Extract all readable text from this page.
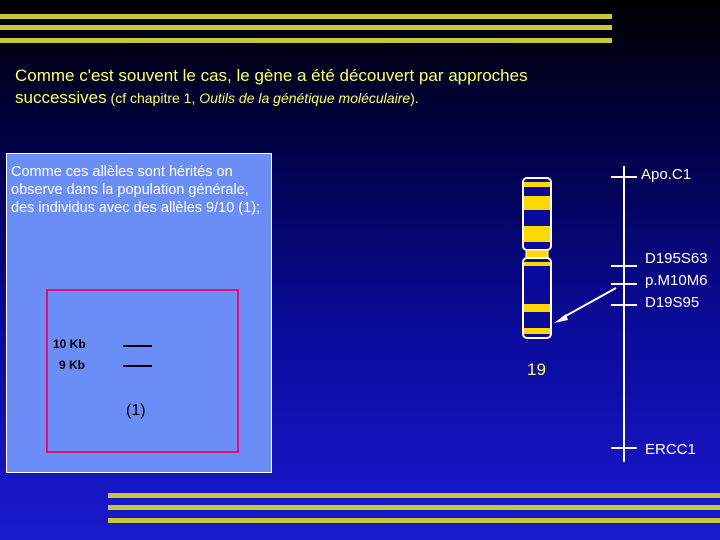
Comme c'est souvent le cas, le gène a été découvert par approches
successives (cf chapitre 1, Outils de la génétique moléculaire).
Comme ces allèles sont hérités on observe dans la population générale, des individus avec des allèles 9/10 (1);
10 Kb
9 Kb
(1)
19
Apo.C1
D195S63
p.M10M6
D19S95
ERCC1
